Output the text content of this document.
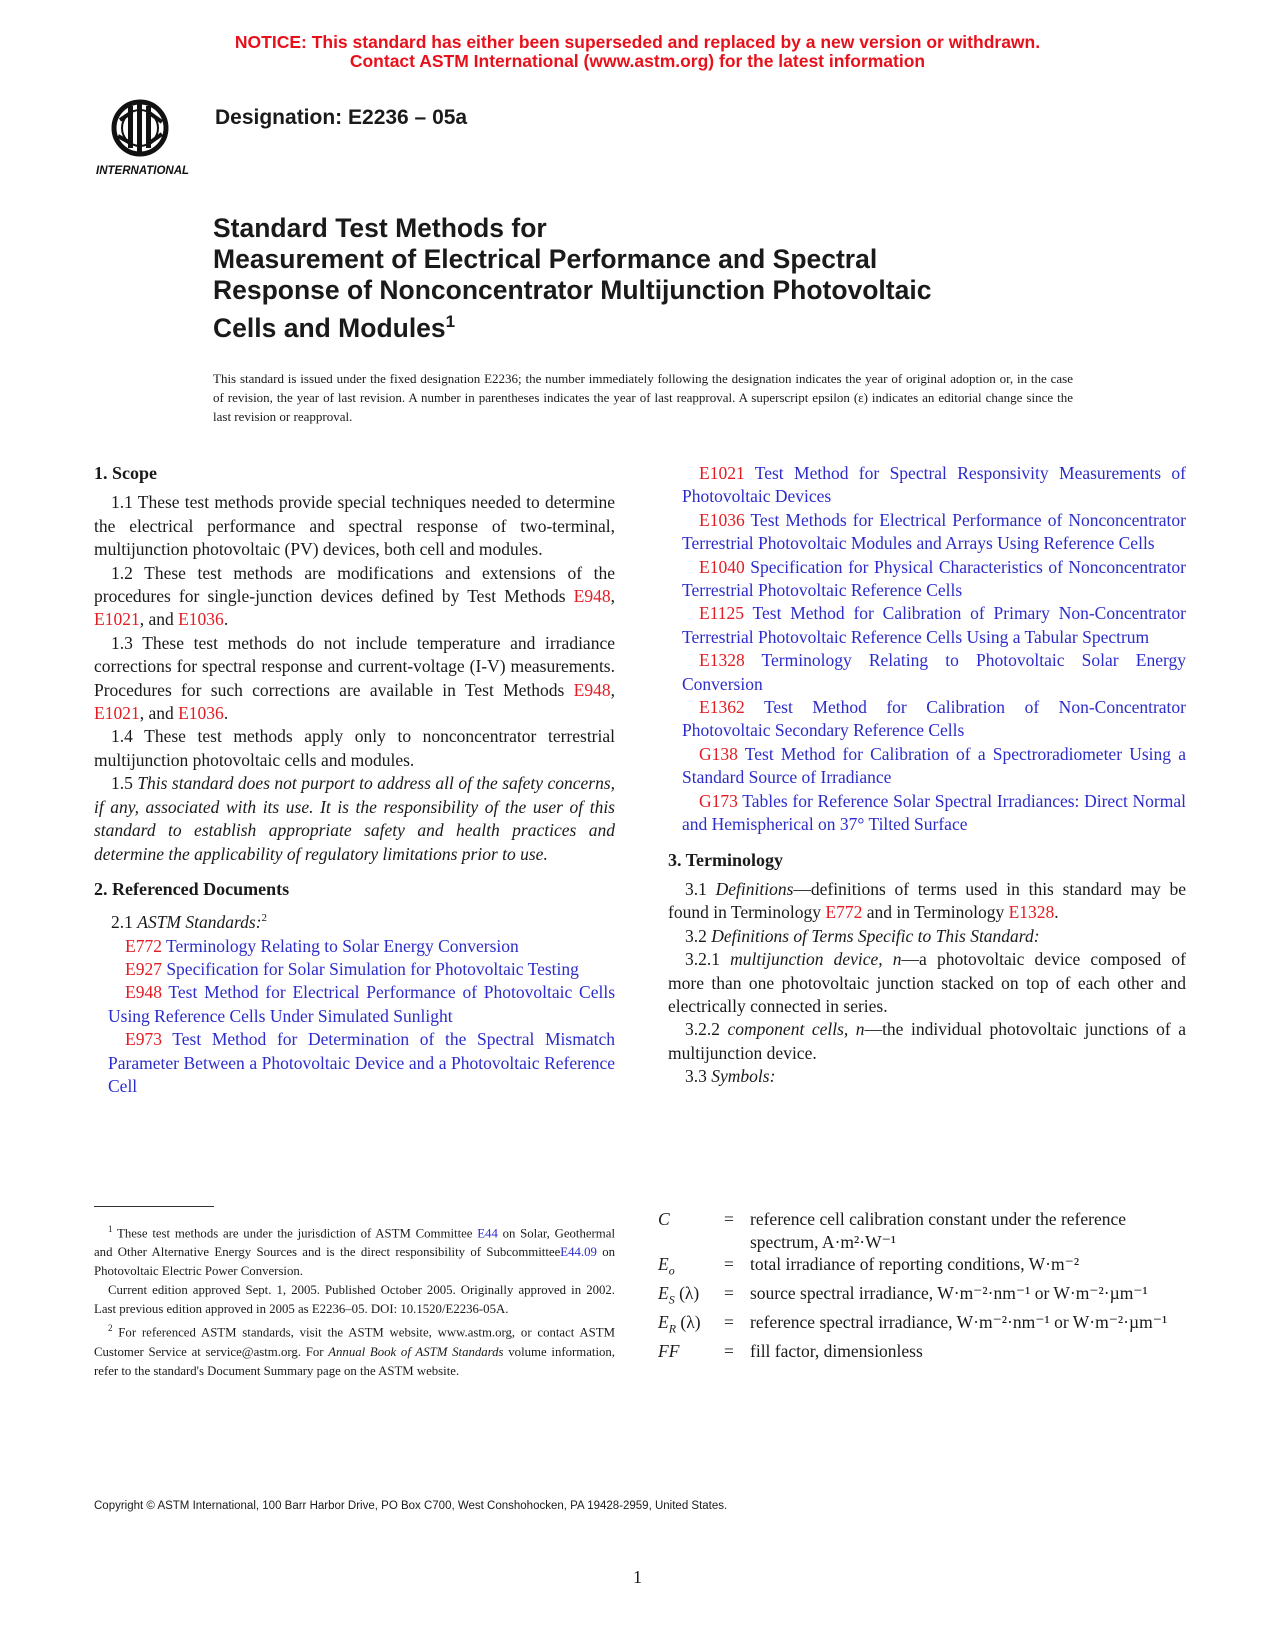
NOTICE: This standard has either been superseded and replaced by a new version or withdrawn.
Contact ASTM International (www.astm.org) for the latest information
INTERNATIONAL
Designation: E2236 – 05a
Standard Test Methods for
Measurement of Electrical Performance and Spectral
Response of Nonconcentrator Multijunction Photovoltaic
Cells and Modules$^1$
This standard is issued under the fixed designation E2236; the number immediately following the designation indicates the year of original adoption or, in the case of revision, the year of last revision. A number in parentheses indicates the year of last reapproval. A superscript epsilon (ε) indicates an editorial change since the last revision or reapproval.
1. Scope

1.1 These test methods provide special techniques needed to determine the electrical performance and spectral response of two-terminal, multijunction photovoltaic (PV) devices, both cell and modules.

1.2 These test methods are modifications and extensions of the procedures for single-junction devices defined by Test Methods E948, E1021, and E1036.

1.3 These test methods do not include temperature and irradiance corrections for spectral response and current-voltage (I-V) measurements. Procedures for such corrections are available in Test Methods E948, E1021, and E1036.

1.4 These test methods apply only to nonconcentrator terrestrial multijunction photovoltaic cells and modules.

1.5 This standard does not purport to address all of the safety concerns, if any, associated with its use. It is the responsibility of the user of this standard to establish appropriate safety and health practices and determine the applicability of regulatory limitations prior to use.

2. Referenced Documents

2.1 ASTM Standards:$^2$

E772 Terminology Relating to Solar Energy Conversion

E927 Specification for Solar Simulation for Photovoltaic Testing

E948 Test Method for Electrical Performance of Photovoltaic Cells Using Reference Cells Under Simulated Sunlight

E973 Test Method for Determination of the Spectral Mismatch Parameter Between a Photovoltaic Device and a Photovoltaic Reference Cell

E1021 Test Method for Spectral Responsivity Measurements of Photovoltaic Devices

E1036 Test Methods for Electrical Performance of Nonconcentrator Terrestrial Photovoltaic Modules and Arrays Using Reference Cells

E1040 Specification for Physical Characteristics of Nonconcentrator Terrestrial Photovoltaic Reference Cells

E1125 Test Method for Calibration of Primary Non-Concentrator Terrestrial Photovoltaic Reference Cells Using a Tabular Spectrum

E1328 Terminology Relating to Photovoltaic Solar Energy Conversion

E1362 Test Method for Calibration of Non-Concentrator Photovoltaic Secondary Reference Cells

G138 Test Method for Calibration of a Spectroradiometer Using a Standard Source of Irradiance

G173 Tables for Reference Solar Spectral Irradiances: Direct Normal and Hemispherical on 37° Tilted Surface

3. Terminology

3.1 Definitions—definitions of terms used in this standard may be found in Terminology E772 and in Terminology E1328.

3.2 Definitions of Terms Specific to This Standard:

3.2.1 multijunction device, n—a photovoltaic device composed of more than one photovoltaic junction stacked on top of each other and electrically connected in series.

3.2.2 component cells, n—the individual photovoltaic junctions of a multijunction device.

3.3 Symbols:

C	= reference cell calibration constant under the reference spectrum, A·m²·W⁻¹
$E_o$	= total irradiance of reporting conditions, W·m⁻²
$E_S$ (λ)	= source spectral irradiance, W·m⁻²·nm⁻¹ or W·m⁻²·µm⁻¹
$E_R$ (λ)	= reference spectral irradiance, W·m⁻²·nm⁻¹ or W·m⁻²·µm⁻¹
FF	= fill factor, dimensionless

$^1$ These test methods are under the jurisdiction of ASTM Committee E44 on Solar, Geothermal and Other Alternative Energy Sources and is the direct responsibility of SubcommitteeE44.09 on Photovoltaic Electric Power Conversion.

Current edition approved Sept. 1, 2005. Published October 2005. Originally approved in 2002. Last previous edition approved in 2005 as E2236–05. DOI: 10.1520/E2236-05A.

$^2$ For referenced ASTM standards, visit the ASTM website, www.astm.org, or contact ASTM Customer Service at service@astm.org. For Annual Book of ASTM Standards volume information, refer to the standard's Document Summary page on the ASTM website.

Copyright © ASTM International, 100 Barr Harbor Drive, PO Box C700, West Conshohocken, PA 19428-2959, United States.
1
